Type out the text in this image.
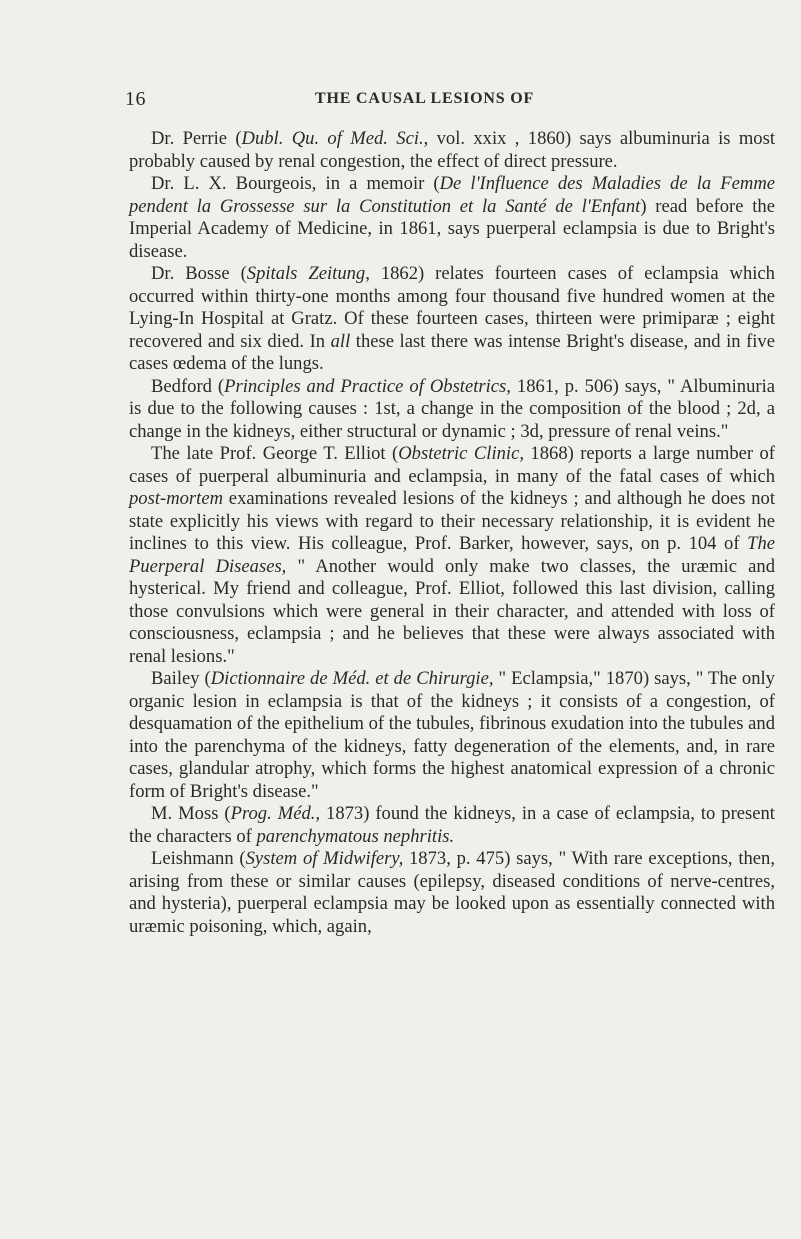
16	THE CAUSAL LESIONS OF

Dr. Perrie (Dubl. Qu. of Med. Sci., vol. xxix , 1860) says albuminuria is most probably caused by renal congestion, the effect of direct pressure.

Dr. L. X. Bourgeois, in a memoir (De l'Influence des Maladies de la Femme pendent la Grossesse sur la Constitution et la Santé de l'Enfant) read before the Imperial Academy of Medicine, in 1861, says puerperal eclampsia is due to Bright's disease.

Dr. Bosse (Spitals Zeitung, 1862) relates fourteen cases of eclampsia which occurred within thirty-one months among four thousand five hundred women at the Lying-In Hospital at Gratz. Of these fourteen cases, thirteen were primiparæ ; eight recovered and six died. In all these last there was intense Bright's disease, and in five cases œdema of the lungs.

Bedford (Principles and Practice of Obstetrics, 1861, p. 506) says, " Albuminuria is due to the following causes : 1st, a change in the composition of the blood ; 2d, a change in the kidneys, either structural or dynamic ; 3d, pressure of renal veins."

The late Prof. George T. Elliot (Obstetric Clinic, 1868) reports a large number of cases of puerperal albuminuria and eclampsia, in many of the fatal cases of which post-mortem examinations revealed lesions of the kidneys ; and although he does not state explicitly his views with regard to their necessary relationship, it is evident he inclines to this view. His colleague, Prof. Barker, however, says, on p. 104 of The Puerperal Diseases, " Another would only make two classes, the uræmic and hysterical. My friend and colleague, Prof. Elliot, followed this last division, calling those convulsions which were general in their character, and attended with loss of consciousness, eclampsia ; and he believes that these were always associated with renal lesions."

Bailey (Dictionnaire de Méd. et de Chirurgie, " Eclampsia," 1870) says, " The only organic lesion in eclampsia is that of the kidneys ; it consists of a congestion, of desquamation of the epithelium of the tubules, fibrinous exudation into the tubules and into the parenchyma of the kidneys, fatty degeneration of the elements, and, in rare cases, glandular atrophy, which forms the highest anatomical expression of a chronic form of Bright's disease."

M. Moss (Prog. Méd., 1873) found the kidneys, in a case of eclampsia, to present the characters of parenchymatous nephritis.

Leishmann (System of Midwifery, 1873, p. 475) says, " With rare exceptions, then, arising from these or similar causes (epilepsy, diseased conditions of nerve-centres, and hysteria), puerperal eclampsia may be looked upon as essentially connected with uræmic poisoning, which, again,
